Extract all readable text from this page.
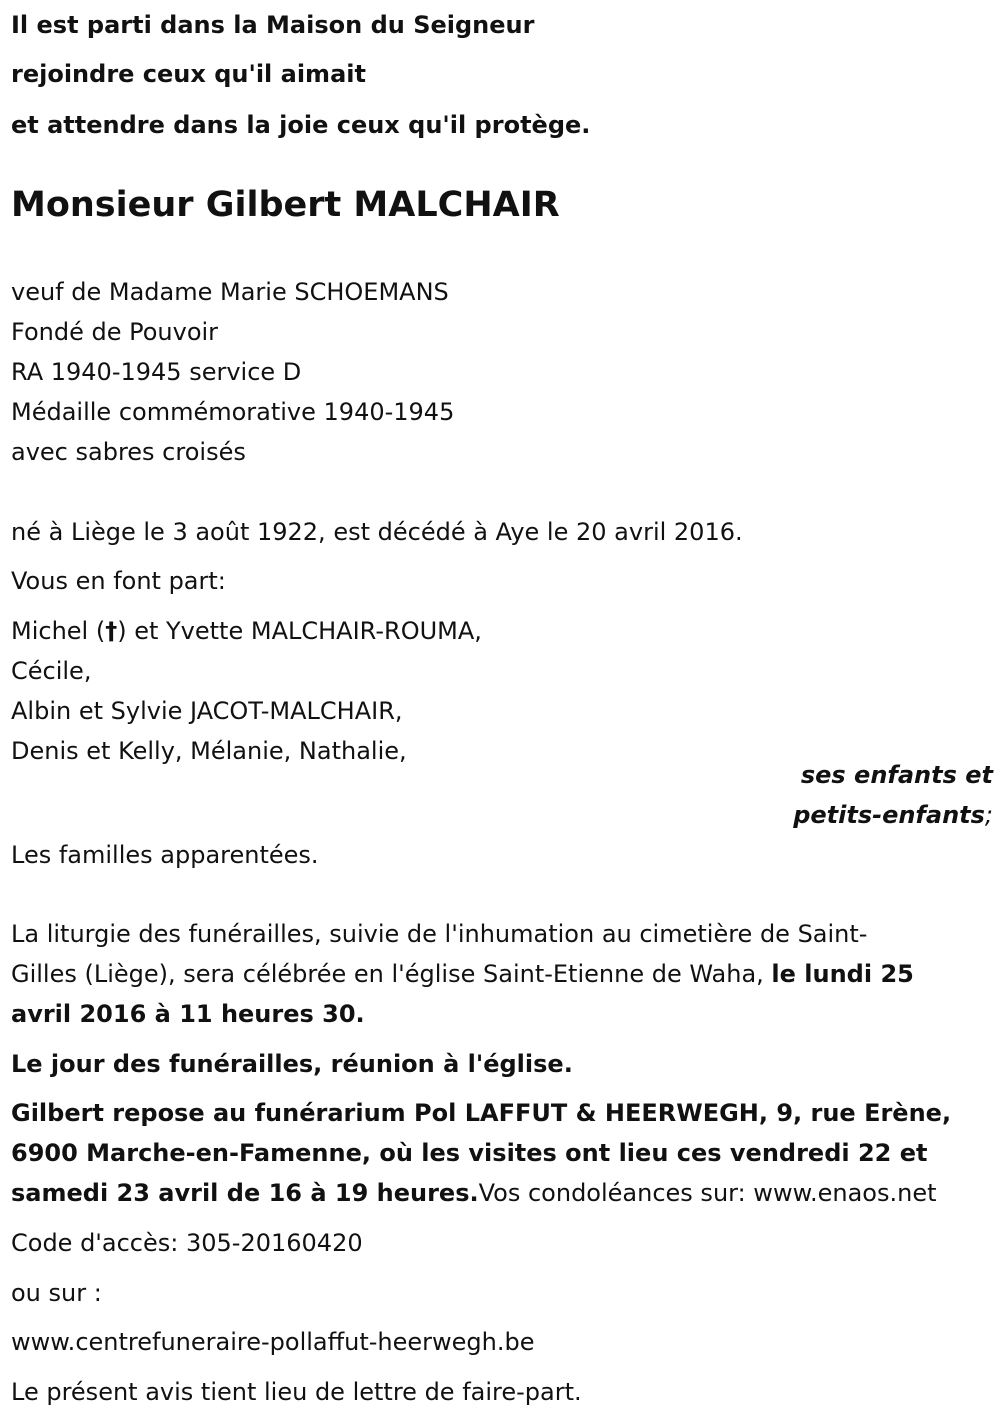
Il est parti dans la Maison du Seigneur
rejoindre ceux qu'il aimait
et attendre dans la joie ceux qu'il protège.
Monsieur Gilbert MALCHAIR
veuf de Madame Marie SCHOEMANS
Fondé de Pouvoir
RA 1940-1945 service D
Médaille commémorative 1940-1945
avec sabres croisés
né à Liège le 3 août 1922, est décédé à Aye le 20 avril 2016.
Vous en font part:
Michel (†) et Yvette MALCHAIR-ROUMA,
Cécile,
Albin et Sylvie JACOT-MALCHAIR,
Denis et Kelly, Mélanie, Nathalie,
ses enfants et
petits-enfants;
Les familles apparentées.
La liturgie des funérailles, suivie de l'inhumation au cimetière de Saint-
Gilles (Liège), sera célébrée en l'église Saint-Etienne de Waha, le lundi 25
avril 2016 à 11 heures 30.
Le jour des funérailles, réunion à l'église.
Gilbert repose au funérarium Pol LAFFUT & HEERWEGH, 9, rue Erène,
6900 Marche-en-Famenne, où les visites ont lieu ces vendredi 22 et
samedi 23 avril de 16 à 19 heures.Vos condoléances sur: www.enaos.net
Code d'accès: 305-20160420
ou sur :
www.centrefuneraire-pollaffut-heerwegh.be
Le présent avis tient lieu de lettre de faire-part.
